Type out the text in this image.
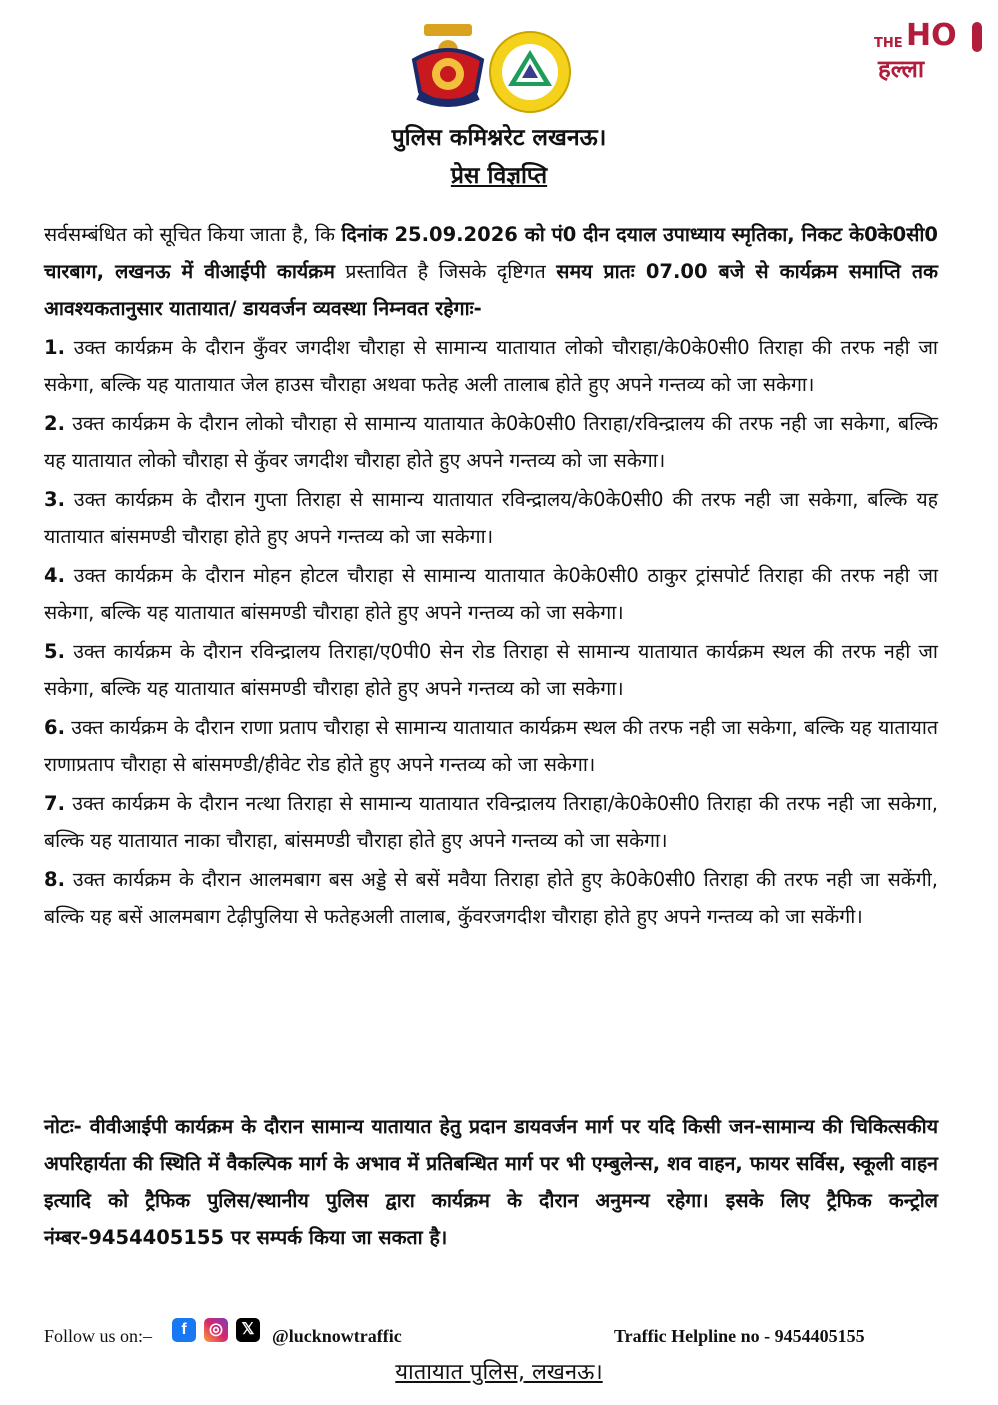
THE HO
हल्ला
पुलिस कमिश्नरेट लखनऊ।
प्रेस विज्ञप्ति

सर्वसम्बंधित को सूचित किया जाता है, कि दिनांक 25.09.2026 को पं0 दीन दयाल उपाध्याय स्मृतिका, निकट के0के0सी0 चारबाग, लखनऊ में वीआईपी कार्यक्रम प्रस्तावित है जिसके दृष्टिगत समय प्रातः 07.00 बजे से कार्यक्रम समाप्ति तक आवश्यकतानुसार यातायात/ डायवर्जन व्यवस्था निम्नवत रहेगाः-

1. उक्त कार्यक्रम के दौरान कुँवर जगदीश चौराहा से सामान्य यातायात लोको चौराहा/के0के0सी0 तिराहा की तरफ नही जा सकेगा, बल्कि यह यातायात जेल हाउस चौराहा अथवा फतेह अली तालाब होते हुए अपने गन्तव्य को जा सकेगा।

2. उक्त कार्यक्रम के दौरान लोको चौराहा से सामान्य यातायात के0के0सी0 तिराहा/रविन्द्रालय की तरफ नही जा सकेगा, बल्कि यह यातायात लोको चौराहा से कुॅवर जगदीश चौराहा होते हुए अपने गन्तव्य को जा सकेगा।

3. उक्त कार्यक्रम के दौरान गुप्ता तिराहा से सामान्य यातायात रविन्द्रालय/के0के0सी0 की तरफ नही जा सकेगा, बल्कि यह यातायात बांसमण्डी चौराहा होते हुए अपने गन्तव्य को जा सकेगा।

4. उक्त कार्यक्रम के दौरान मोहन होटल चौराहा से सामान्य यातायात के0के0सी0 ठाकुर ट्रांसपोर्ट तिराहा की तरफ नही जा सकेगा, बल्कि यह यातायात बांसमण्डी चौराहा होते हुए अपने गन्तव्य को जा सकेगा।

5. उक्त कार्यक्रम के दौरान रविन्द्रालय तिराहा/ए0पी0 सेन रोड तिराहा से सामान्य यातायात कार्यक्रम स्थल की तरफ नही जा सकेगा, बल्कि यह यातायात बांसमण्डी चौराहा होते हुए अपने गन्तव्य को जा सकेगा।

6. उक्त कार्यक्रम के दौरान राणा प्रताप चौराहा से सामान्य यातायात कार्यक्रम स्थल की तरफ नही जा सकेगा, बल्कि यह यातायात राणाप्रताप चौराहा से बांसमण्डी/हीवेट रोड होते हुए अपने गन्तव्य को जा सकेगा।

7. उक्त कार्यक्रम के दौरान नत्था तिराहा से सामान्य यातायात रविन्द्रालय तिराहा/के0के0सी0 तिराहा की तरफ नही जा सकेगा, बल्कि यह यातायात नाका चौराहा, बांसमण्डी चौराहा होते हुए अपने गन्तव्य को जा सकेगा।

8. उक्त कार्यक्रम के दौरान आलमबाग बस अड्डे से बसें मवैया तिराहा होते हुए के0के0सी0 तिराहा की तरफ नही जा सकेंगी, बल्कि यह बसें आलमबाग टेढ़ीपुलिया से फतेहअली तालाब, कुॅवरजगदीश चौराहा होते हुए अपने गन्तव्य को जा सकेंगी।

नोटः- वीवीआईपी कार्यक्रम के दौरान सामान्य यातायात हेतु प्रदान डायवर्जन मार्ग पर यदि किसी जन-सामान्य की चिकित्सकीय अपरिहार्यता की स्थिति में वैकल्पिक मार्ग के अभाव में प्रतिबन्धित मार्ग पर भी एम्बुलेन्स, शव वाहन, फायर सर्विस, स्कूली वाहन इत्यादि को ट्रैफिक पुलिस/स्थानीय पुलिस द्वारा कार्यक्रम के दौरान अनुमन्य रहेगा। इसके लिए ट्रैफिक कन्ट्रोल नंम्बर-9454405155 पर सम्पर्क किया जा सकता है।
Follow us on:–	f	◎	𝕏 @lucknowtraffic	Traffic Helpline no - 9454405155
यातायात पुलिस, लखनऊ।
